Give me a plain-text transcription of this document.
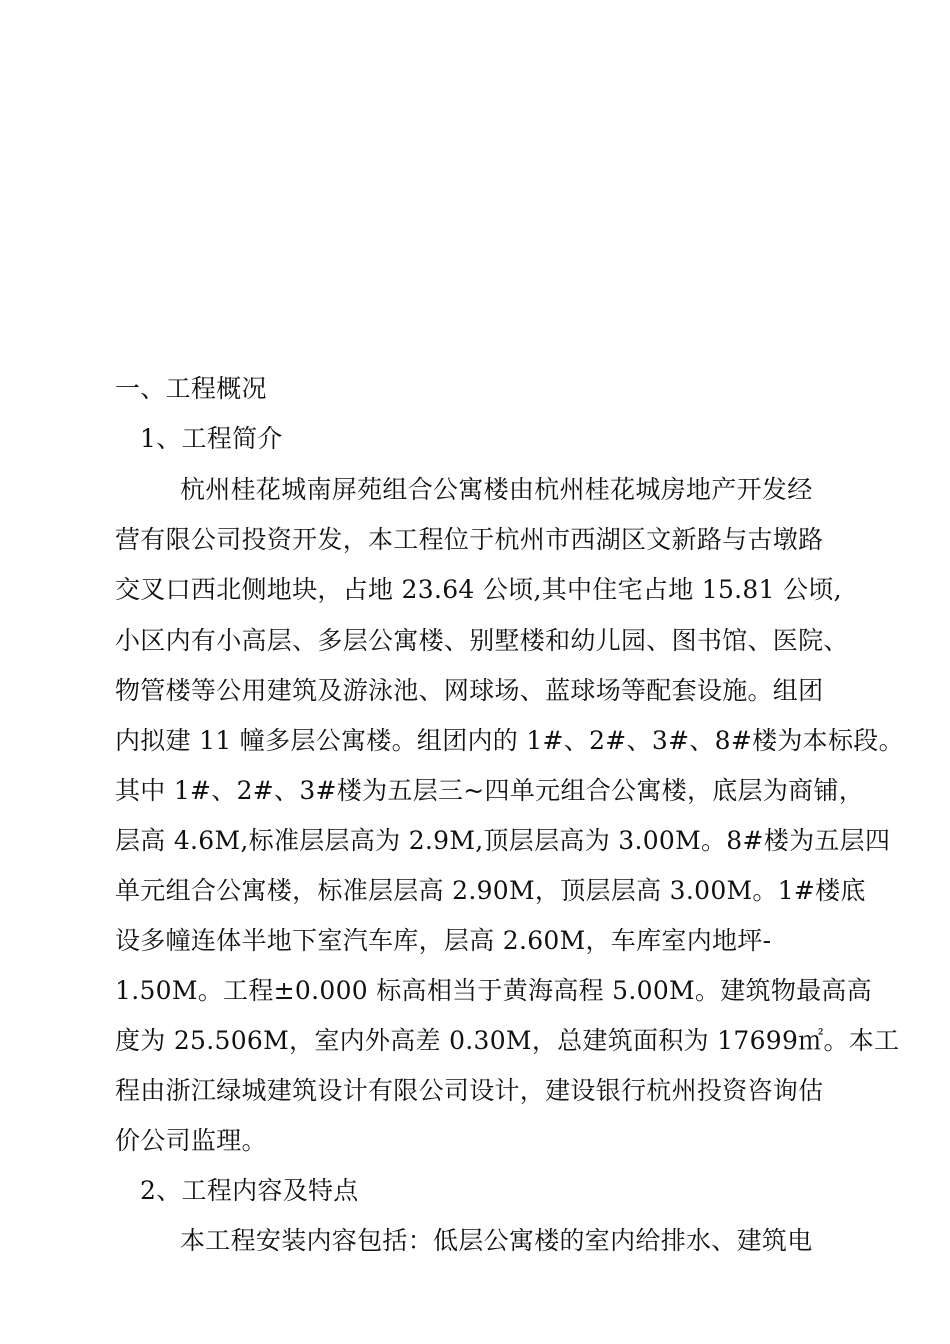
一、工程概况
1、工程简介
杭州桂花城南屏苑组合公寓楼由杭州桂花城房地产开发经
营有限公司投资开发，本工程位于杭州市西湖区文新路与古墩路
交叉口西北侧地块，占地 23.64 公顷,其中住宅占地 15.81 公顷,
小区内有小高层、多层公寓楼、别墅楼和幼儿园、图书馆、医院、
物管楼等公用建筑及游泳池、网球场、蓝球场等配套设施。组团
内拟建 11 幢多层公寓楼。组团内的 1#、2#、3#、8#楼为本标段。
其中 1#、2#、3#楼为五层三~四单元组合公寓楼，底层为商铺，
层高 4.6M,标准层层高为 2.9M,顶层层高为 3.00M。8#楼为五层四
单元组合公寓楼，标准层层高 2.90M，顶层层高 3.00M。1#楼底
设多幢连体半地下室汽车库，层高 2.60M，车库室内地坪-
1.50M。工程±0.000 标高相当于黄海高程 5.00M。建筑物最高高
度为 25.506M，室内外高差 0.30M，总建筑面积为 17699㎡。本工
程由浙江绿城建筑设计有限公司设计，建设银行杭州投资咨询估
价公司监理。
2、工程内容及特点
本工程安装内容包括：低层公寓楼的室内给排水、建筑电
